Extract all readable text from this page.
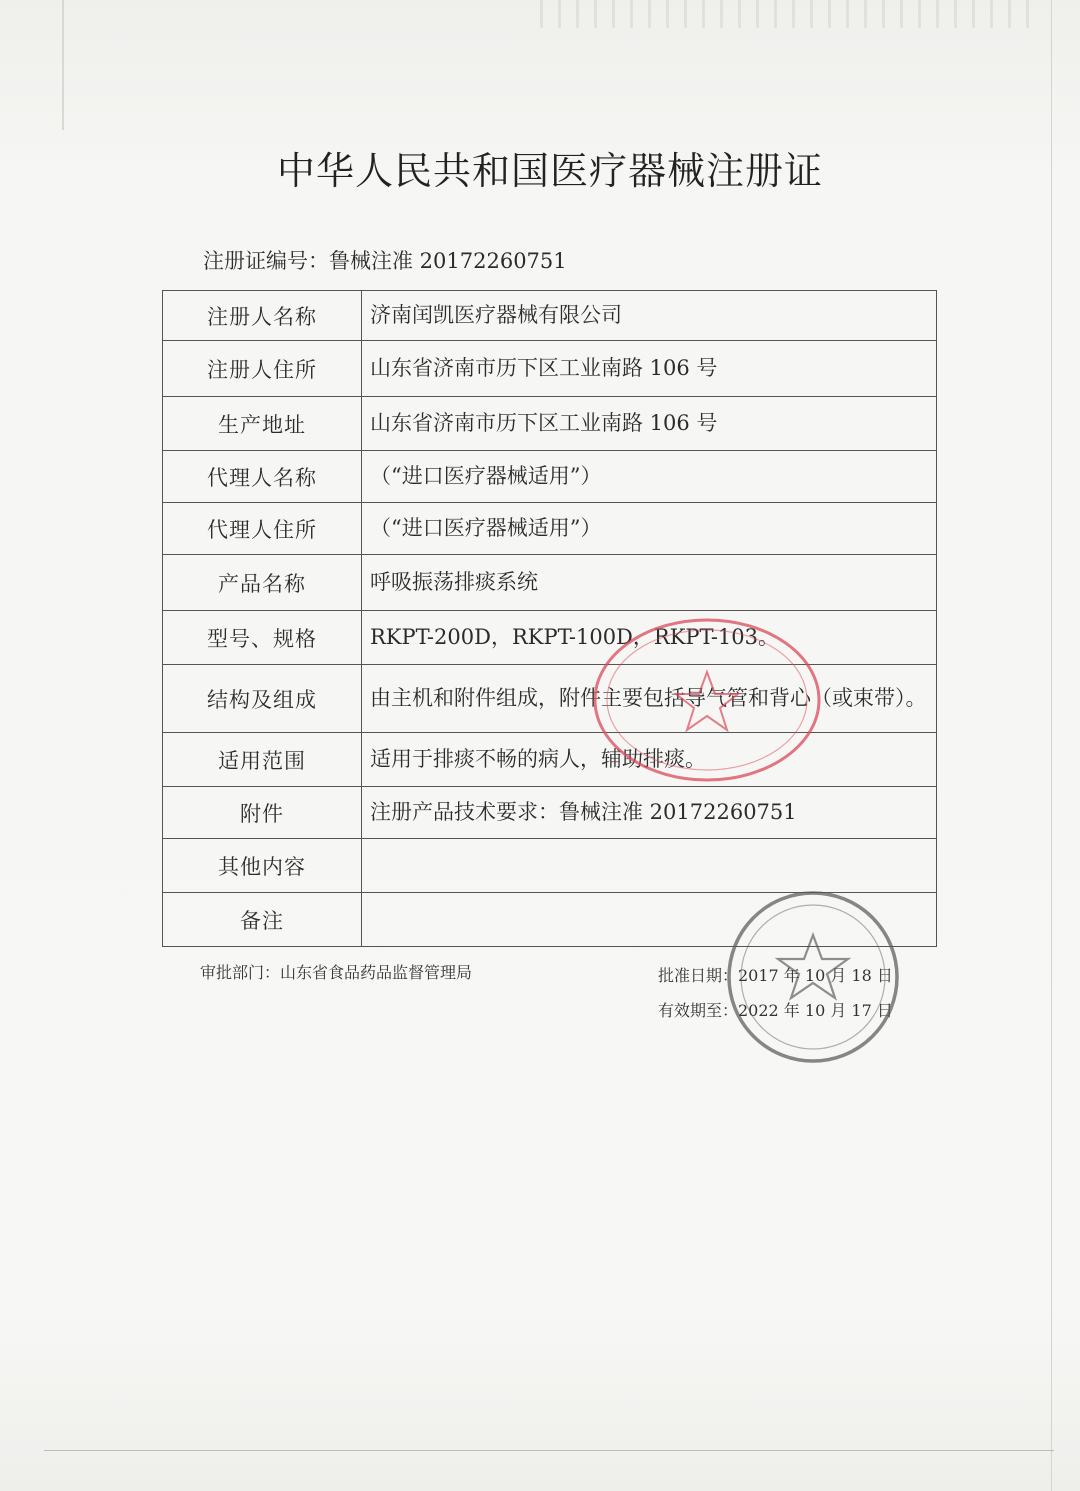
中华人民共和国医疗器械注册证
注册证编号：鲁械注准 20172260751
注册人名称	济南闰凯医疗器械有限公司
注册人住所	山东省济南市历下区工业南路 106 号
生产地址	山东省济南市历下区工业南路 106 号
代理人名称	（“进口医疗器械适用”）
代理人住所	（“进口医疗器械适用”）
产品名称	呼吸振荡排痰系统
型号、规格	RKPT-200D，RKPT-100D，RKPT-103。
结构及组成	由主机和附件组成，附件主要包括导气管和背心（或束带）。
适用范围	适用于排痰不畅的病人，辅助排痰。
附件	注册产品技术要求：鲁械注准 20172260751
其他内容	
备注	
审批部门：山东省食品药品监督管理局	批准日期：2017 年 10 月 18 日
有效期至：2022 年 10 月 17 日
